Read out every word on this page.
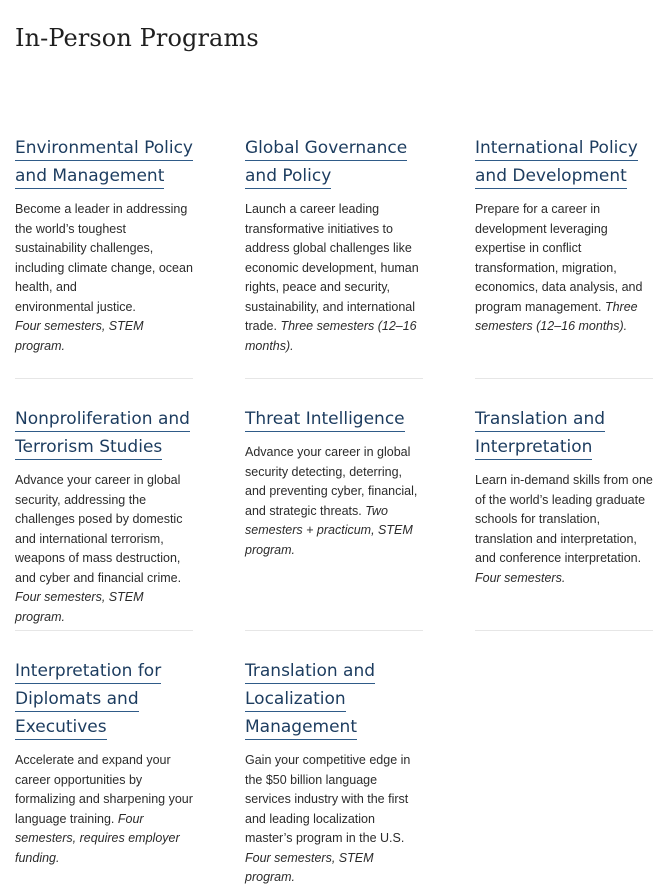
In-Person Programs
Environmental Policy and Management

Become a leader in addressing the world’s toughest sustainability challenges, including climate change, ocean health, and
environmental justice.
Four semesters, STEM program.

Global Governance and Policy

Launch a career leading transformative initiatives to address global challenges like economic development, human rights, peace and security, sustainability, and international trade. Three semesters (12–16 months).

International Policy and Development

Prepare for a career in development leveraging expertise in conflict transformation, migration, economics, data analysis, and program management. Three semesters (12–16 months).

Nonproliferation and Terrorism Studies

Advance your career in global security, addressing the challenges posed by domestic and international terrorism, weapons of mass destruction, and cyber and financial crime.
Four semesters, STEM program.

Threat Intelligence

Advance your career in global security detecting, deterring, and preventing cyber, financial, and strategic threats. Two semesters + practicum, STEM program.

Translation and Interpretation

Learn in-demand skills from one of the world’s leading graduate schools for translation, translation and interpretation, and conference interpretation.
Four semesters.

Interpretation for Diplomats and Executives

Accelerate and expand your career opportunities by formalizing and sharpening your language training. Four semesters, requires employer funding.

Translation and Localization Management

Gain your competitive edge in the $50 billion language services industry with the first and leading localization master’s program in the U.S. Four semesters, STEM program.
